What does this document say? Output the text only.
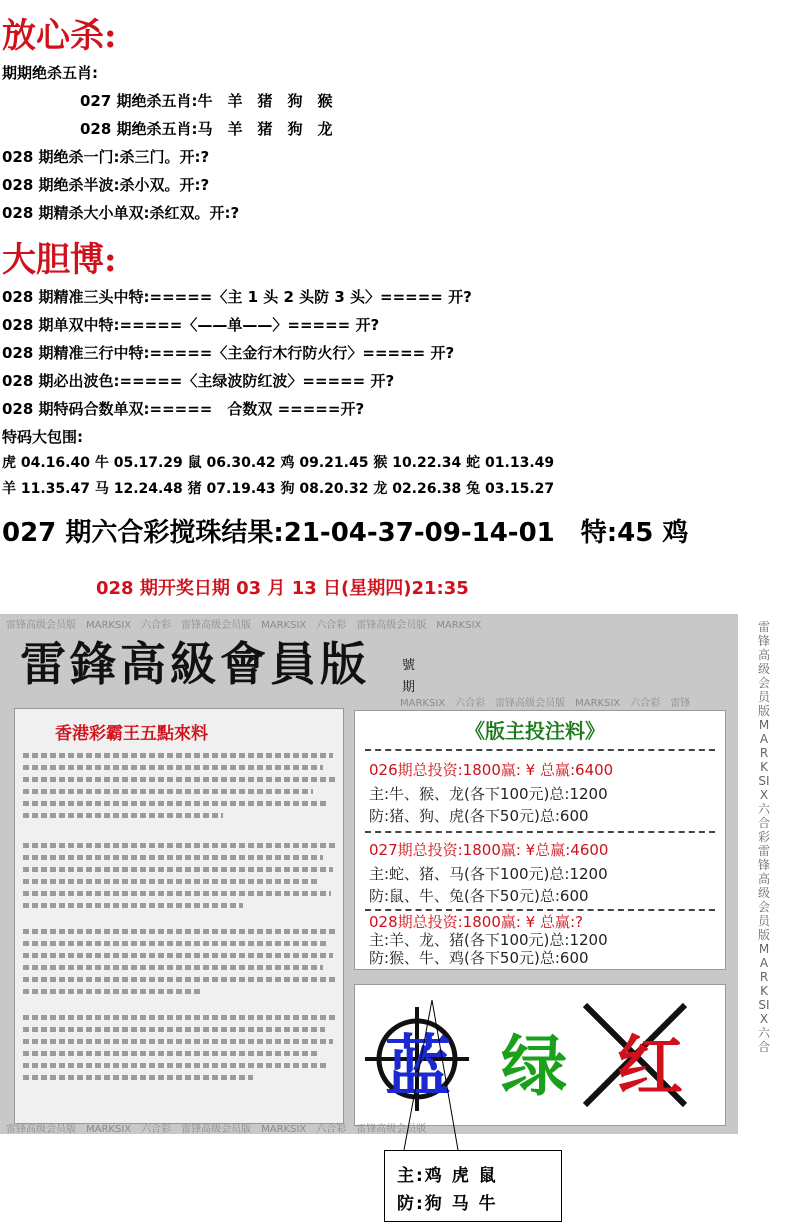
放心杀:
期期绝杀五肖:
027 期绝杀五肖:牛　羊　猪　狗　猴
028 期绝杀五肖:马　羊　猪　狗　龙
028 期绝杀一门:杀三门。开:?
028 期绝杀半波:杀小双。开:?
028 期精杀大小单双:杀红双。开:?
大胆博:
028 期精准三头中特:=====〈主 1 头 2 头防 3 头〉===== 开?
028 期单双中特:=====〈——单——〉===== 开?
028 期精准三行中特:=====〈主金行木行防火行〉===== 开?
028 期必出波色:=====〈主绿波防红波〉===== 开?
028 期特码合数单双:=====　合数双 =====开?
特码大包围:
虎 04.16.40 牛 05.17.29 鼠 06.30.42 鸡 09.21.45 猴 10.22.34 蛇 01.13.49
羊 11.35.47 马 12.24.48 猪 07.19.43 狗 08.20.32 龙 02.26.38 兔 03.15.27
027 期六合彩搅珠结果:21-04-37-09-14-01　特:45 鸡
028 期开奖日期 03 月 13 日(星期四)21:35
雷锋高级会员版　MARKSIX　六合彩　雷锋高级会员版　MARKSIX　六合彩　雷锋高级会员版　MARKSIX
雷鋒高級會員版 號
期
MARKSIX　六合彩　雷锋高级会员版　MARKSIX　六合彩　雷锋
香港彩霸王五點來料	《版主投注料》
026期总投资:1800赢: ¥ 总赢:6400
主:牛、猴、龙(各下100元)总:1200
防:猪、狗、虎(各下50元)总:600
027期总投资:1800赢: ¥总赢:4600
主:蛇、猪、马(各下100元)总:1200
防:鼠、牛、兔(各下50元)总:600
028期总投资:1800赢: ¥ 总赢:?
主:羊、龙、猪(各下100元)总:1200
防:猴、牛、鸡(各下50元)总:600
蓝 绿 红
雷锋高级会员版　MARKSIX　六合彩　雷锋高级会员版　MARKSIX　六合彩　雷锋高级会员版
雷锋高级会员版MARKSIX六合彩雷锋高级会员版MARKSIX六合
主:鸡 虎 鼠
防:狗 马 牛
